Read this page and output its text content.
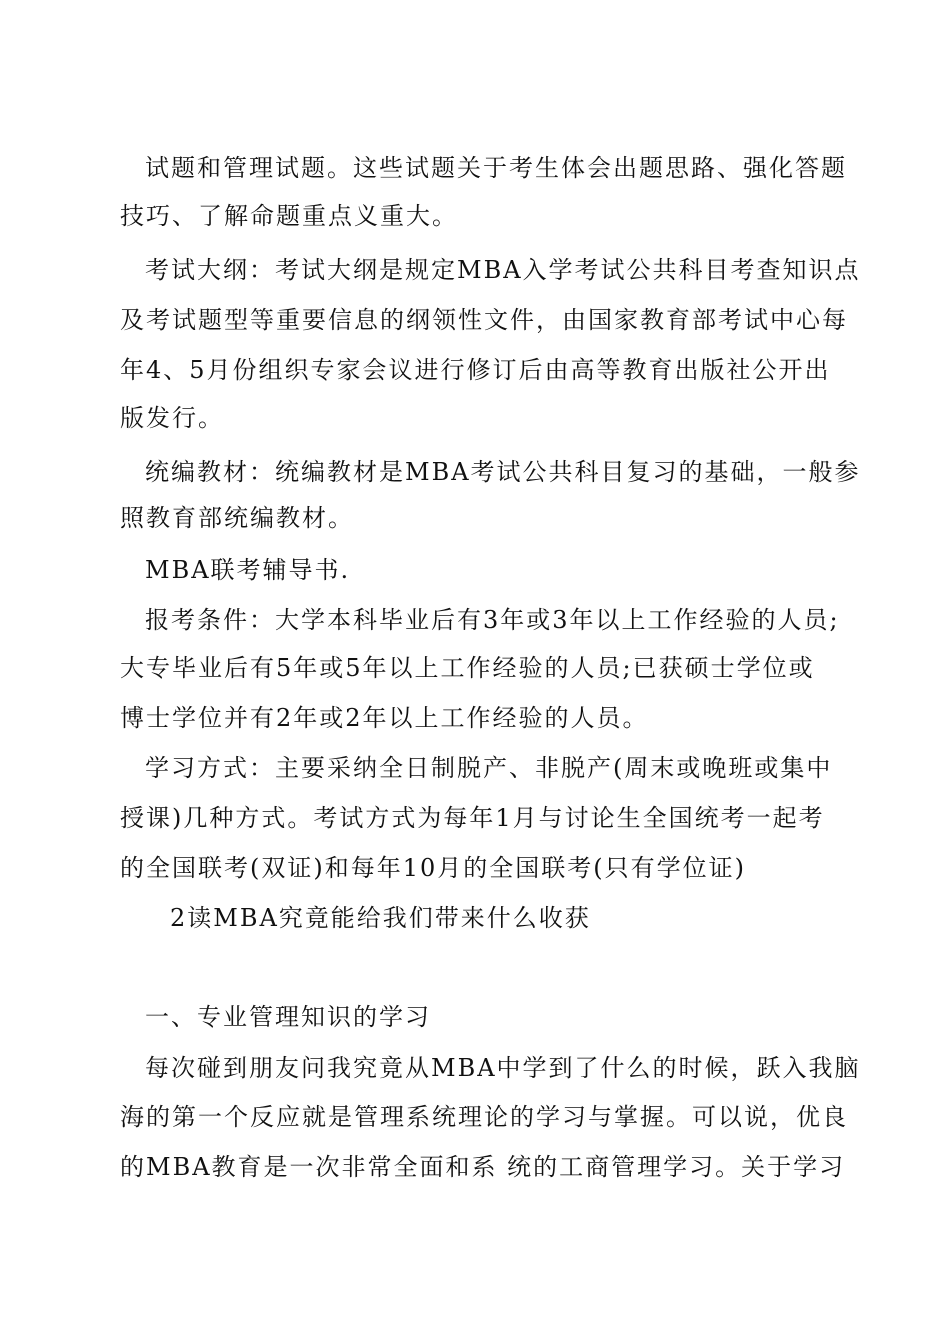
试题和管理试题。这些试题关于考生体会出题思路、强化答题
技巧、了解命题重点义重大。
考试大纲：考试大纲是规定MBA入学考试公共科目考查知识点
及考试题型等重要信息的纲领性文件，由国家教育部考试中心每
年4、5月份组织专家会议进行修订后由高等教育出版社公开出
版发行。
统编教材：统编教材是MBA考试公共科目复习的基础，一般参
照教育部统编教材。
MBA联考辅导书.
报考条件：大学本科毕业后有3年或3年以上工作经验的人员;
大专毕业后有5年或5年以上工作经验的人员;已获硕士学位或
博士学位并有2年或2年以上工作经验的人员。
学习方式：主要采纳全日制脱产、非脱产(周末或晚班或集中
授课)几种方式。考试方式为每年1月与讨论生全国统考一起考
的全国联考(双证)和每年10月的全国联考(只有学位证)
2读MBA究竟能给我们带来什么收获
一、专业管理知识的学习
每次碰到朋友问我究竟从MBA中学到了什么的时候，跃入我脑
海的第一个反应就是管理系统理论的学习与掌握。可以说，优良
的MBA教育是一次非常全面和系 统的工商管理学习。关于学习
